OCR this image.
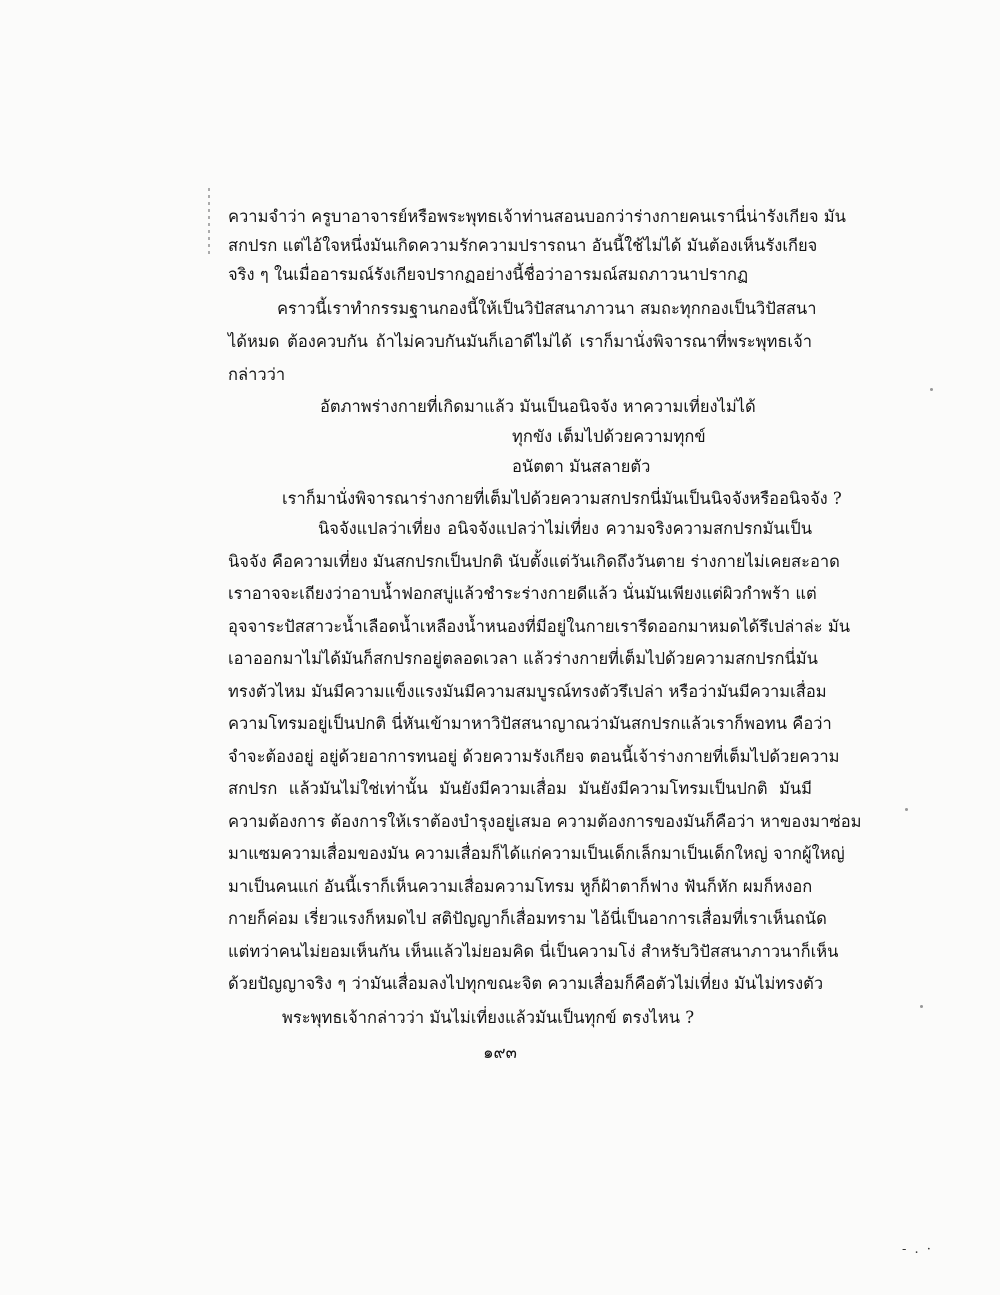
ความจำว่า ครูบาอาจารย์หรือพระพุทธเจ้าท่านสอนบอกว่าร่างกายคนเรานี่น่ารังเกียจ มัน
สกปรก แต่ไอ้ใจหนึ่งมันเกิดความรักความปรารถนา อันนี้ใช้ไม่ได้ มันต้องเห็นรังเกียจ
จริง ๆ ในเมื่ออารมณ์รังเกียจปรากฏอย่างนี้ชื่อว่าอารมณ์สมถภาวนาปรากฏ
คราวนี้เราทำกรรมฐานกองนี้ให้เป็นวิปัสสนาภาวนา สมถะทุกกองเป็นวิปัสสนา
ได้หมด ต้องควบกัน ถ้าไม่ควบกันมันก็เอาดีไม่ได้ เราก็มานั่งพิจารณาที่พระพุทธเจ้า
กล่าวว่า
อัตภาพร่างกายที่เกิดมาแล้ว มันเป็นอนิจจัง หาความเที่ยงไม่ได้
ทุกขัง เต็มไปด้วยความทุกข์
อนัตตา มันสลายตัว
เราก็มานั่งพิจารณาร่างกายที่เต็มไปด้วยความสกปรกนี่มันเป็นนิจจังหรืออนิจจัง ?
นิจจังแปลว่าเที่ยง อนิจจังแปลว่าไม่เที่ยง ความจริงความสกปรกมันเป็น
นิจจัง คือความเที่ยง มันสกปรกเป็นปกติ นับตั้งแต่วันเกิดถึงวันตาย ร่างกายไม่เคยสะอาด
เราอาจจะเถียงว่าอาบน้ำฟอกสบู่แล้วชำระร่างกายดีแล้ว นั่นมันเพียงแต่ผิวกำพร้า แต่
อุจจาระปัสสาวะน้ำเลือดน้ำเหลืองน้ำหนองที่มีอยู่ในกายเรารีดออกมาหมดได้รึเปล่าล่ะ มัน
เอาออกมาไม่ได้มันก็สกปรกอยู่ตลอดเวลา แล้วร่างกายที่เต็มไปด้วยความสกปรกนี่มัน
ทรงตัวไหม มันมีความแข็งแรงมันมีความสมบูรณ์ทรงตัวรึเปล่า หรือว่ามันมีความเสื่อม
ความโทรมอยู่เป็นปกติ นี่หันเข้ามาหาวิปัสสนาญาณว่ามันสกปรกแล้วเราก็พอทน คือว่า
จำจะต้องอยู่ อยู่ด้วยอาการทนอยู่ ด้วยความรังเกียจ ตอนนี้เจ้าร่างกายที่เต็มไปด้วยความ
สกปรก แล้วมันไม่ใช่เท่านั้น มันยังมีความเสื่อม มันยังมีความโทรมเป็นปกติ มันมี
ความต้องการ ต้องการให้เราต้องบำรุงอยู่เสมอ ความต้องการของมันก็คือว่า หาของมาซ่อม
มาแซมความเสื่อมของมัน ความเสื่อมก็ได้แก่ความเป็นเด็กเล็กมาเป็นเด็กใหญ่ จากผู้ใหญ่
มาเป็นคนแก่ อันนี้เราก็เห็นความเสื่อมความโทรม หูก็ฝ้าตาก็ฟาง ฟันก็หัก ผมก็หงอก
กายก็ค่อม เรี่ยวแรงก็หมดไป สติปัญญาก็เสื่อมทราม ไอ้นี่เป็นอาการเสื่อมที่เราเห็นถนัด
แต่ทว่าคนไม่ยอมเห็นกัน เห็นแล้วไม่ยอมคิด นี่เป็นความโง่ สำหรับวิปัสสนาภาวนาก็เห็น
ด้วยปัญญาจริง ๆ ว่ามันเสื่อมลงไปทุกขณะจิต ความเสื่อมก็คือตัวไม่เที่ยง มันไม่ทรงตัว
พระพุทธเจ้ากล่าวว่า มันไม่เที่ยงแล้วมันเป็นทุกข์ ตรงไหน ?
๑๙๓
- . ·
